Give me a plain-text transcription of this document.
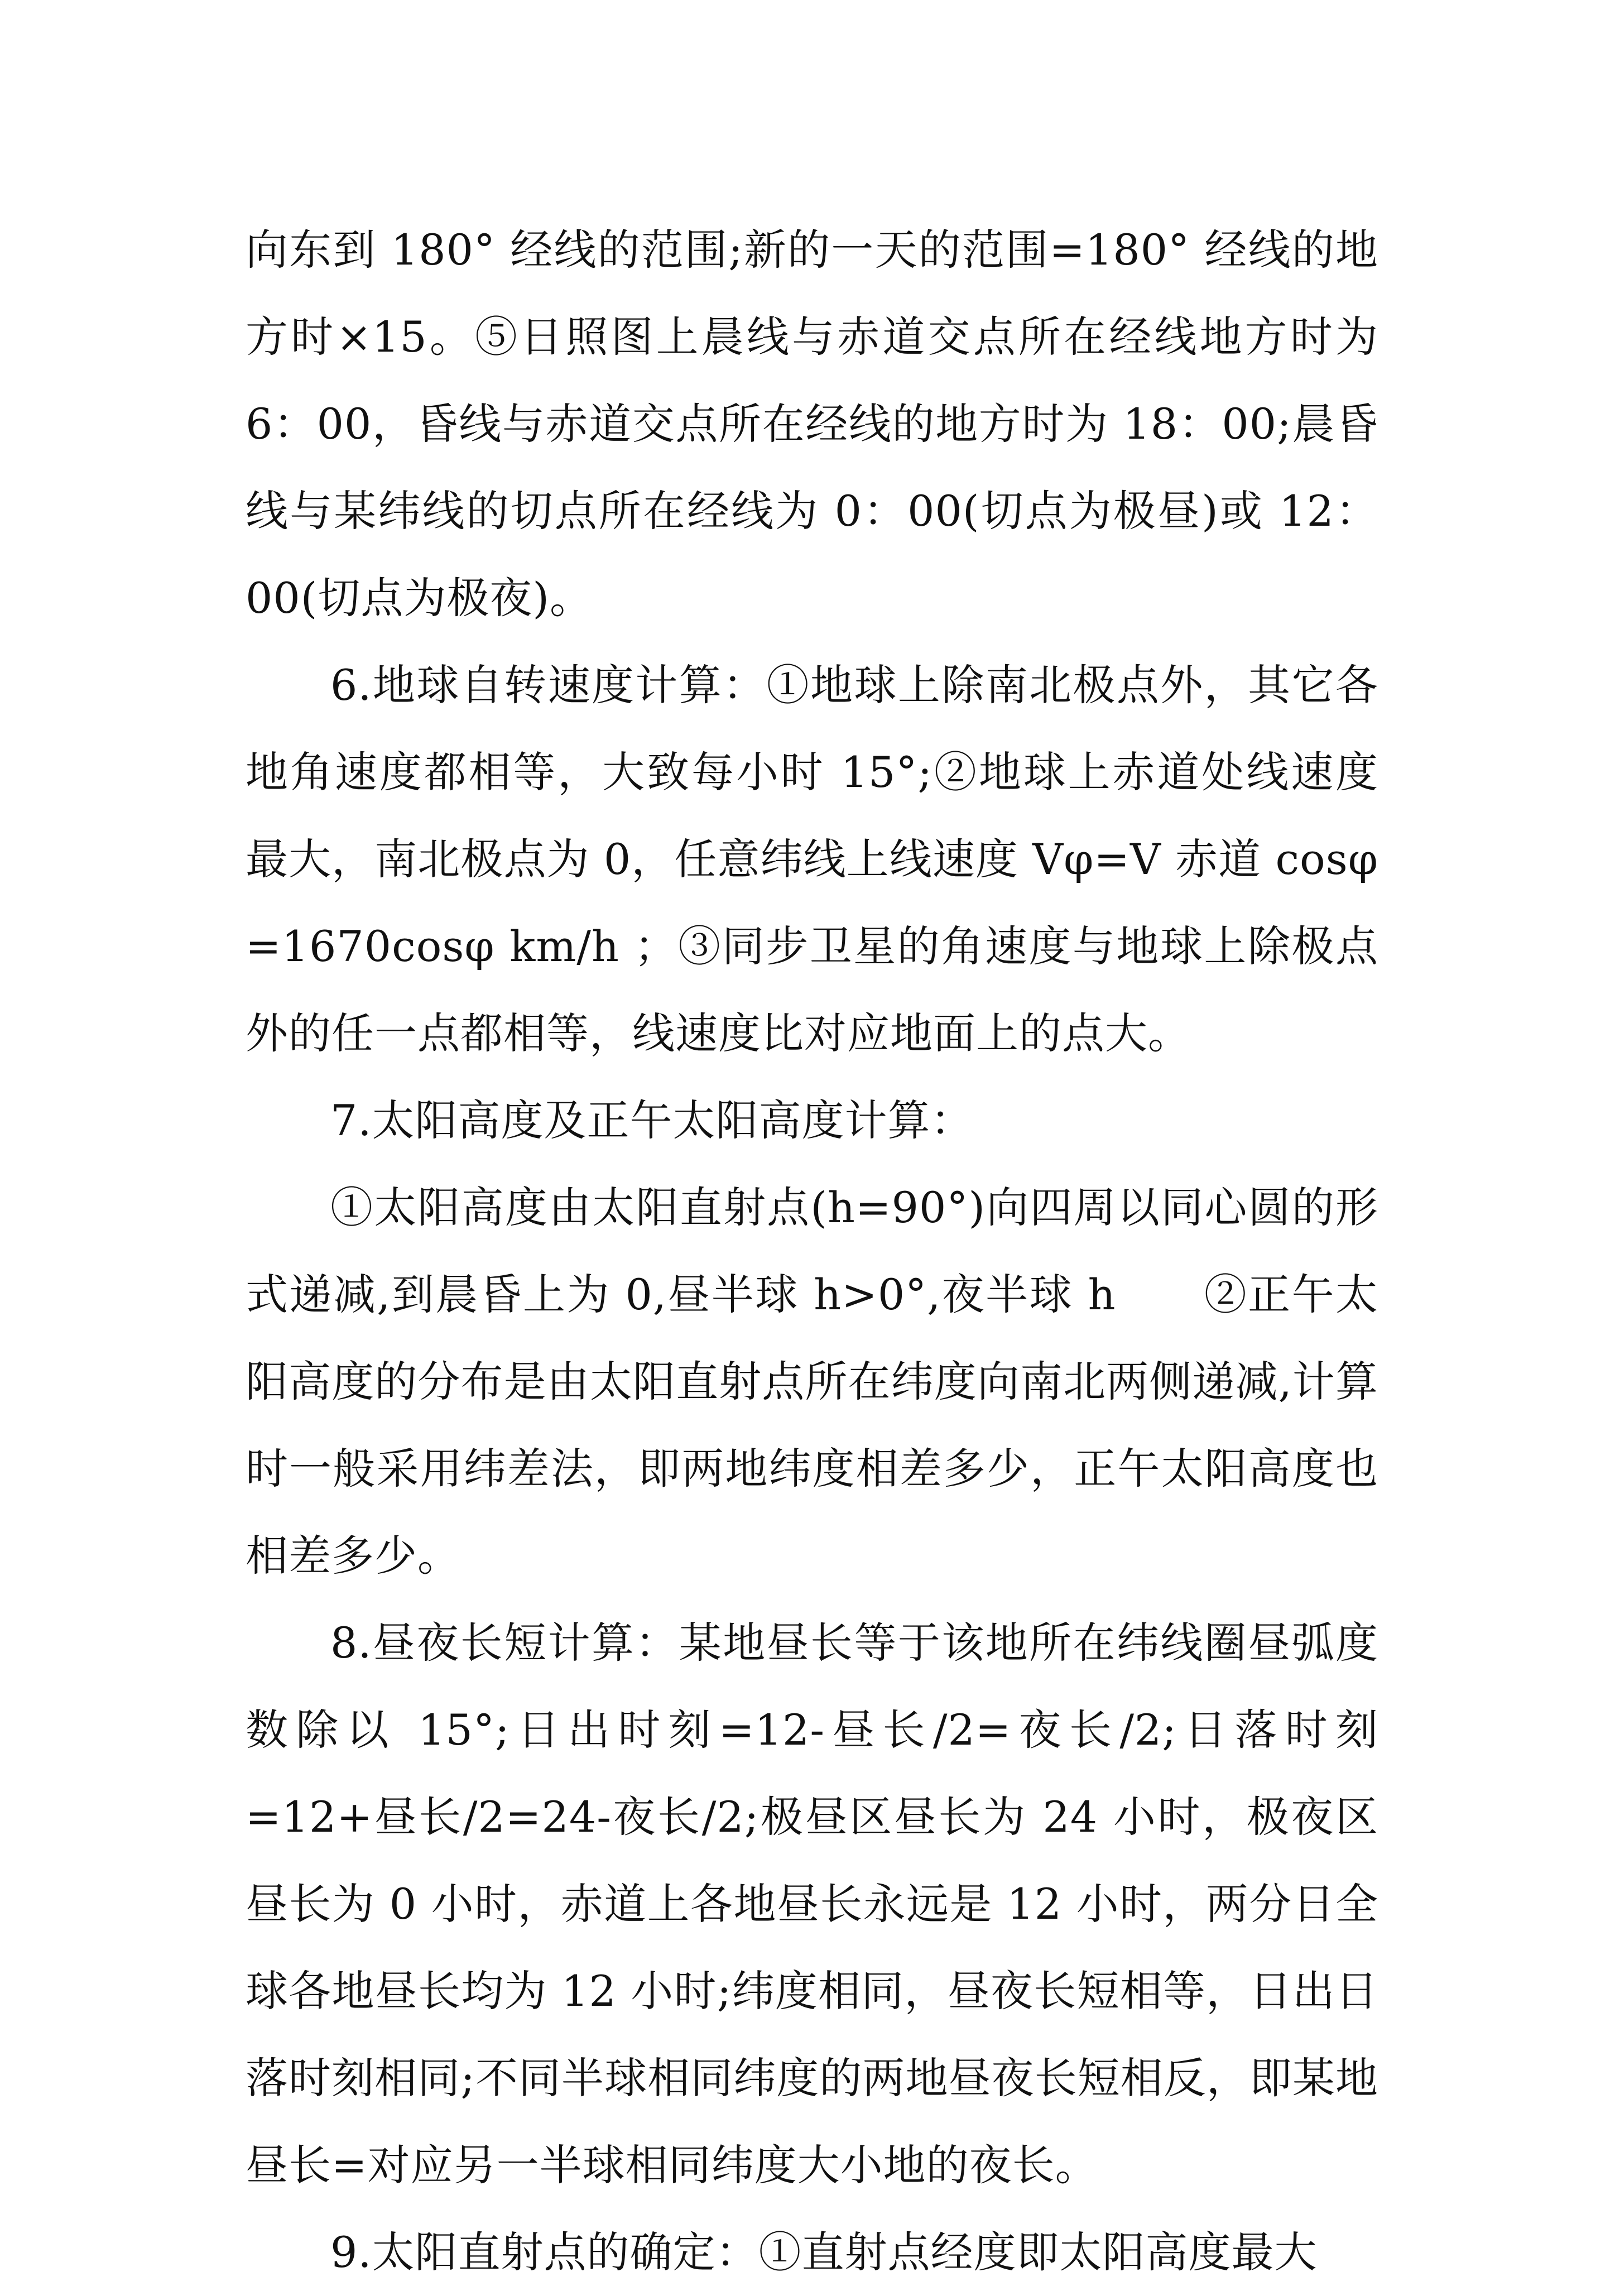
向东到 180° 经线的范围;新的一天的范围=180° 经线的地方时×15。⑤日照图上晨线与赤道交点所在经线地方时为 6：00，昏线与赤道交点所在经线的地方时为 18：00;晨昏线与某纬线的切点所在经线为 0：00(切点为极昼)或 12：00(切点为极夜)。

6.地球自转速度计算：①地球上除南北极点外，其它各地角速度都相等，大致每小时 15°;②地球上赤道处线速度最大，南北极点为 0，任意纬线上线速度 Vφ=V 赤道 cosφ =1670cosφ km/h ；③同步卫星的角速度与地球上除极点外的任一点都相等，线速度比对应地面上的点大。

7.太阳高度及正午太阳高度计算：

①太阳高度由太阳直射点(h=90°)向四周以同心圆的形式递减,到晨昏上为 0,昼半球 h>0°,夜半球 h　　②正午太阳高度的分布是由太阳直射点所在纬度向南北两侧递减,计算时一般采用纬差法，即两地纬度相差多少，正午太阳高度也相差多少。

8.昼夜长短计算：某地昼长等于该地所在纬线圈昼弧度数除以 15°;日出时刻=12-昼长/2=夜长/2;日落时刻=12+昼长/2=24-夜长/2;极昼区昼长为 24 小时，极夜区昼长为 0 小时，赤道上各地昼长永远是 12 小时，两分日全球各地昼长均为 12 小时;纬度相同，昼夜长短相等，日出日落时刻相同;不同半球相同纬度的两地昼夜长短相反，即某地昼长=对应另一半球相同纬度大小地的夜长。

9.太阳直射点的确定：①直射点经度即太阳高度最大
